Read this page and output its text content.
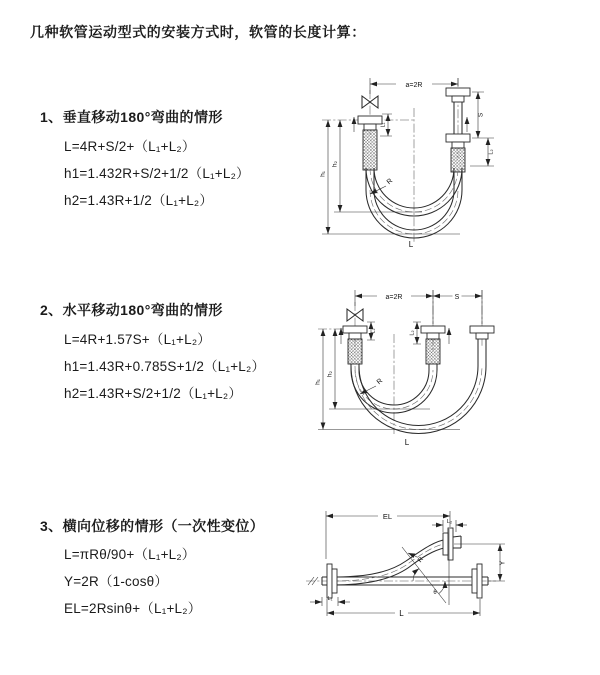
几种软管运动型式的安装方式时，软管的长度计算：
1、垂直移动180°弯曲的情形
L=4R+S/2+（L₁+L₂）
h1=1.432R+S/2+1/2（L₁+L₂）
h2=1.43R+1/2（L₁+L₂）
a=2R
h₁
h₂
L₁
S
L₂
R
L
2、水平移动180°弯曲的情形
L=4R+1.57S+（L₁+L₂）
h1=1.43R+0.785S+1/2（L₁+L₂）
h2=1.43R+S/2+1/2（L₁+L₂）
a=2R	S
h₁
h₂
L₁	L₂
R
L
3、横向位移的情形（一次性变位）
L=πRθ/90+（L₁+L₂）
Y=2R（1-cosθ）
EL=2Rsinθ+（L₁+L₂）
EL
L₂
Y
θ
R
L₁
L
